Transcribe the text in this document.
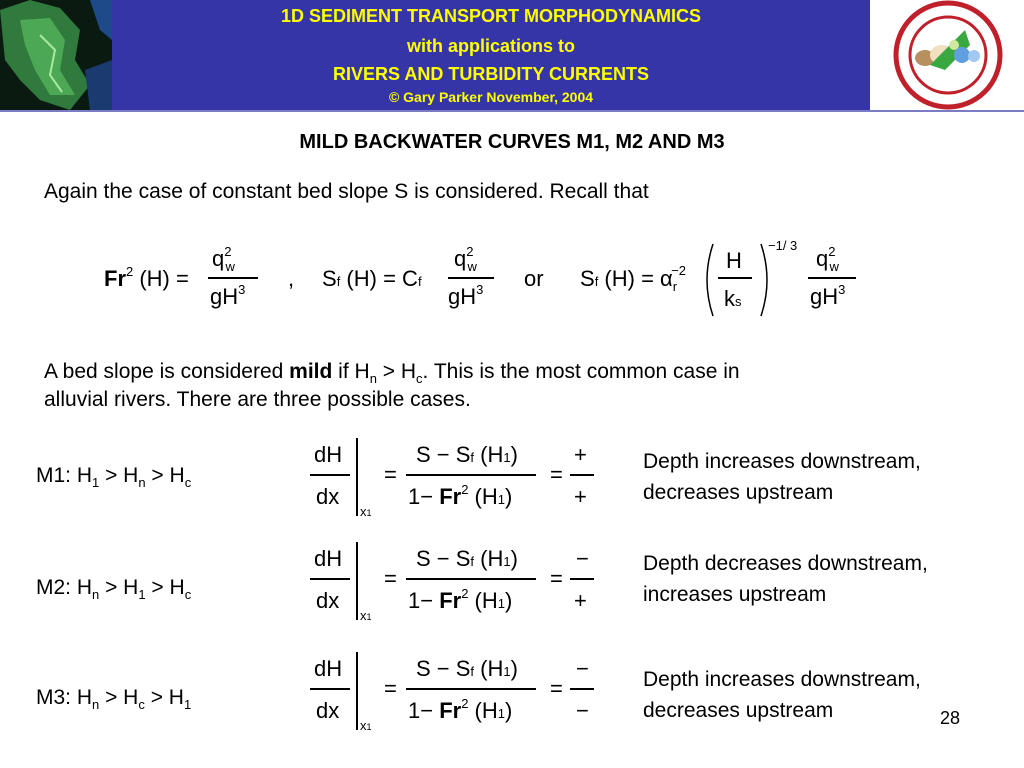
1D SEDIMENT TRANSPORT MORPHODYNAMICS
with applications to
RIVERS AND TURBIDITY CURRENTS
© Gary Parker November, 2004
MILD BACKWATER CURVES M1, M2 AND M3
Again the case of constant bed slope S is considered. Recall that
Fr$^2$ (H) =
$q^2_w$
$gH^3$ , Sf (H) = Cf
$q^2_w$
$gH^3$ or Sf $(H) = \alpha_r^{-2}$ H
ks
−1/ 3
$q^2_w$
$gH^3$
A bed slope is considered mild if $H_n > H_c$. This is the most common case in
alluvial rivers. There are three possible cases.
M1: $H_1 > H_n > H_c$
dH
dx
x1
=
S − Sf (H1)
$1- Fr^2$ (H1)
=
+
+
Depth increases downstream,
decreases upstream
M2: $H_n > H_1 > H_c$
dH
dx
x1
=
S − Sf (H1)
$1- Fr^2$ (H1)
=
−
+
Depth decreases downstream,
increases upstream
M3: $H_n > H_c > H_1$
dH
dx
x1
=
S − Sf (H1)
$1- Fr^2$ (H1)
=
−
−
Depth increases downstream,
decreases upstream	28
